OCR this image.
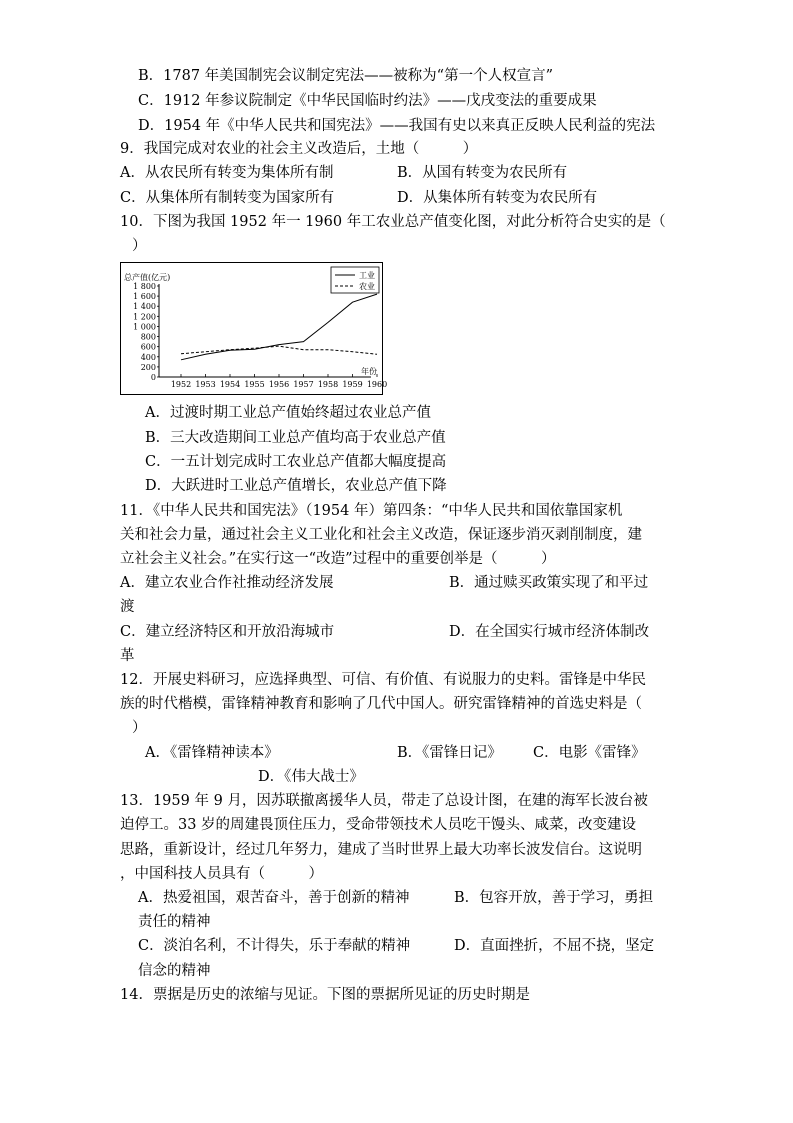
B．1787 年美国制宪会议制定宪法——被称为“第一个人权宣言”
C．1912 年参议院制定《中华民国临时约法》——戊戌变法的重要成果
D．1954 年《中华人民共和国宪法》——我国有史以来真正反映人民利益的宪法
9．我国完成对农业的社会主义改造后，土地（　　　）
A．从农民所有转变为集体所有制	B．从国有转变为农民所有
C．从集体所有制转变为国家所有	D．从集体所有转变为农民所有
10．下图为我国 1952 年一 1960 年工农业总产值变化图，对此分析符合史实的是（
）
总产值(亿元)
年份
0
200
400
600
800
1 000
1 200
1 400
1 600
1 800
1952 1953 1954 1955 1956 1957 1958 1959 1960
工业
农业
A．过渡时期工业总产值始终超过农业总产值
B．三大改造期间工业总产值均高于农业总产值
C．一五计划完成时工农业总产值都大幅度提高
D．大跃进时工业总产值增长，农业总产值下降
11．《中华人民共和国宪法》（1954 年）第四条：“中华人民共和国依靠国家机
关和社会力量，通过社会主义工业化和社会主义改造，保证逐步消灭剥削制度，建
立社会主义社会。”在实行这一“改造”过程中的重要创举是（　　　）
A．建立农业合作社推动经济发展	B．通过赎买政策实现了和平过
渡
C．建立经济特区和开放沿海城市	D．在全国实行城市经济体制改
革
12．开展史料研习，应选择典型、可信、有价值、有说服力的史料。雷锋是中华民
族的时代楷模，雷锋精神教育和影响了几代中国人。研究雷锋精神的首选史料是（
）
A．《雷锋精神读本》	B．《雷锋日记》 C．电影《雷锋》
D．《伟大战士》
13．1959 年 9 月，因苏联撤离援华人员，带走了总设计图，在建的海军长波台被
迫停工。33 岁的周建畏顶住压力，受命带领技术人员吃干馒头、咸菜，改变建设
思路，重新设计，经过几年努力，建成了当时世界上最大功率长波发信台。这说明
，中国科技人员具有（　　　）
A．热爱祖国，艰苦奋斗，善于创新的精神	B．包容开放，善于学习，勇担
责任的精神
C．淡泊名利，不计得失，乐于奉献的精神	D．直面挫折，不屈不挠，坚定
信念的精神
14．票据是历史的浓缩与见证。下图的票据所见证的历史时期是
